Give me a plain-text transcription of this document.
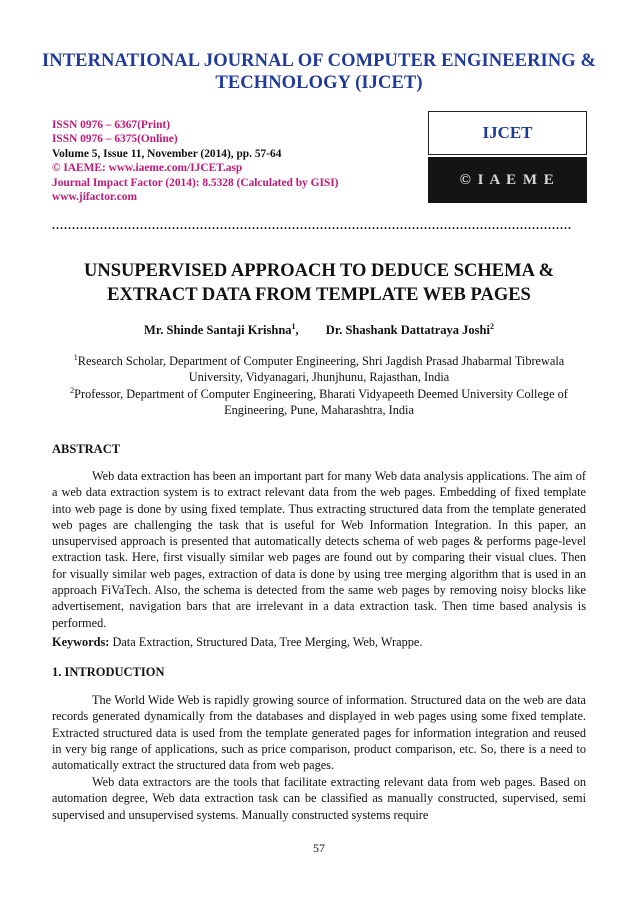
INTERNATIONAL JOURNAL OF COMPUTER ENGINEERING & TECHNOLOGY (IJCET)
ISSN 0976 – 6367(Print)
ISSN 0976 – 6375(Online)
Volume 5, Issue 11, November (2014), pp. 57-64
© IAEME: www.iaeme.com/IJCET.asp
Journal Impact Factor (2014): 8.5328 (Calculated by GISI)
www.jifactor.com
IJCET
© I A E M E
..................................................................................................................................
UNSUPERVISED APPROACH TO DEDUCE SCHEMA & EXTRACT DATA FROM TEMPLATE WEB PAGES
Mr. Shinde Santaji Krishna$^1$, Dr. Shashank Dattatraya Joshi$^2$
$^1$Research Scholar, Department of Computer Engineering, Shri Jagdish Prasad Jhabarmal Tibrewala University, Vidyanagari, Jhunjhunu, Rajasthan, India
$^2$Professor, Department of Computer Engineering, Bharati Vidyapeeth Deemed University College of Engineering, Pune, Maharashtra, India
ABSTRACT
Web data extraction has been an important part for many Web data analysis applications. The aim of a web data extraction system is to extract relevant data from the web pages. Embedding of fixed template into web page is done by using fixed template. Thus extracting structured data from the template generated web pages are challenging the task that is useful for Web Information Integration. In this paper, an unsupervised approach is presented that automatically detects schema of web pages & performs page-level extraction task. Here, first visually similar web pages are found out by comparing their visual clues. Then for visually similar web pages, extraction of data is done by using tree merging algorithm that is used in an approach FiVaTech. Also, the schema is detected from the same web pages by removing noisy blocks like advertisement, navigation bars that are irrelevant in a data extraction task. Then time based analysis is performed.
Keywords: Data Extraction, Structured Data, Tree Merging, Web, Wrappe.
1. INTRODUCTION
The World Wide Web is rapidly growing source of information. Structured data on the web are data records generated dynamically from the databases and displayed in web pages using some fixed template. Extracted structured data is used from the template generated pages for information integration and reused in very big range of applications, such as price comparison, product comparison, etc. So, there is a need to automatically extract the structured data from web pages.
Web data extractors are the tools that facilitate extracting relevant data from web pages. Based on automation degree, Web data extraction task can be classified as manually constructed, supervised, semi supervised and unsupervised systems. Manually constructed systems require
57
